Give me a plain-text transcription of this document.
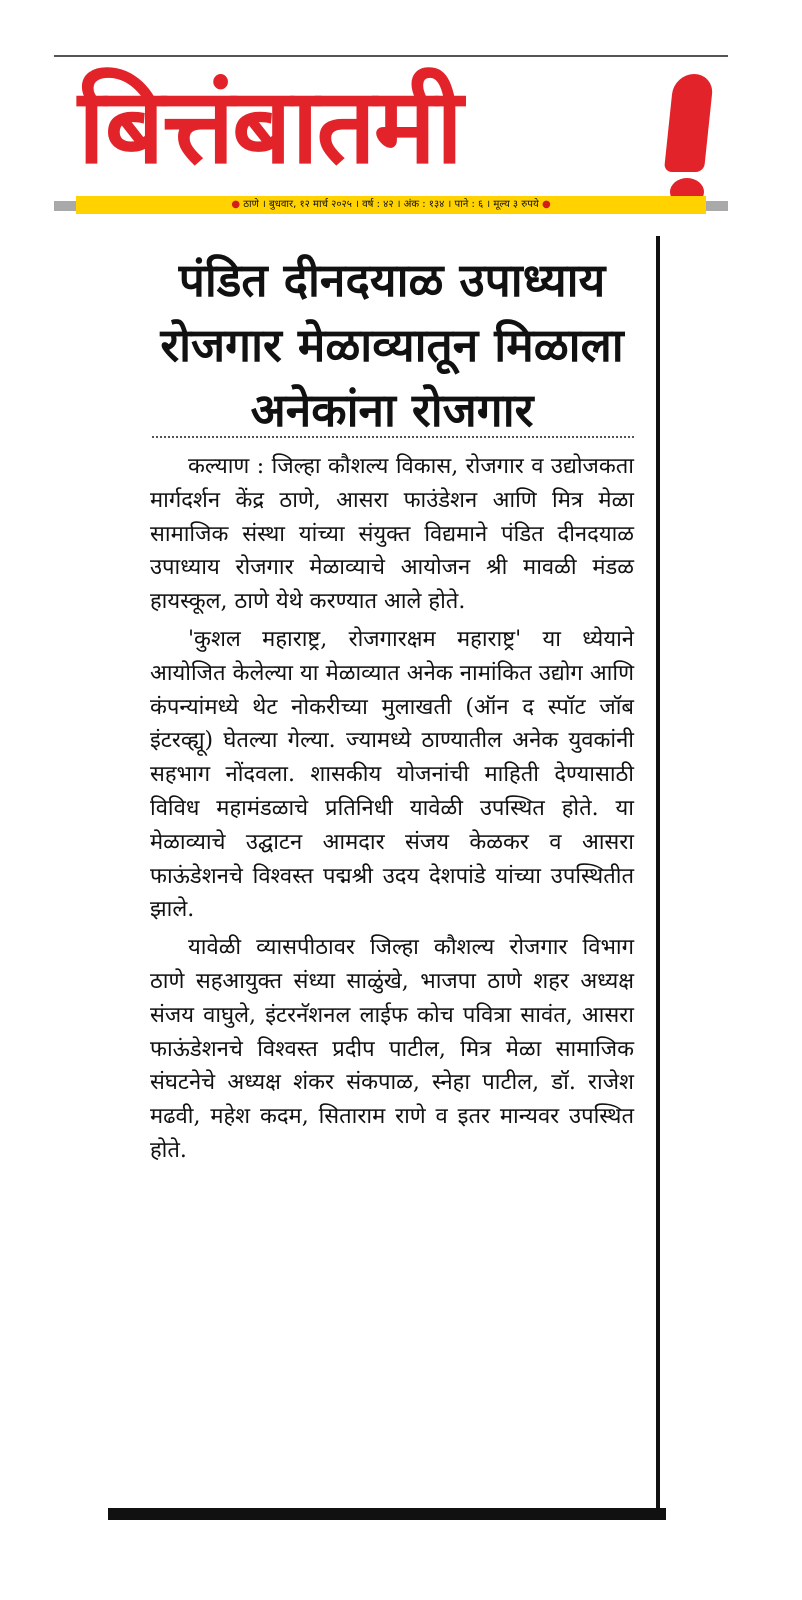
बित्तंबातमी
● ठाणे । बुधवार, १२ मार्च २०२५ । वर्ष : ४२ । अंक : १३४ । पाने : ६ । मूल्य ३ रुपये ●
पंडित दीनदयाळ उपाध्याय रोजगार मेळाव्यातून मिळाला अनेकांना रोजगार

कल्याण : जिल्हा कौशल्य विकास, रोजगार व उद्योजकता मार्गदर्शन केंद्र ठाणे, आसरा फाउंडेशन आणि मित्र मेळा सामाजिक संस्था यांच्या संयुक्त विद्यमाने पंडित दीनदयाळ उपाध्याय रोजगार मेळाव्याचे आयोजन श्री मावळी मंडळ हायस्कूल, ठाणे येथे करण्यात आले होते.

'कुशल महाराष्ट्र, रोजगारक्षम महाराष्ट्र' या ध्येयाने आयोजित केलेल्या या मेळाव्यात अनेक नामांकित उद्योग आणि कंपन्यांमध्ये थेट नोकरीच्या मुलाखती (ऑन द स्पॉट जॉब इंटरव्ह्यू) घेतल्या गेल्या. ज्यामध्ये ठाण्यातील अनेक युवकांनी सहभाग नोंदवला. शासकीय योजनांची माहिती देण्यासाठी विविध महामंडळाचे प्रतिनिधी यावेळी उपस्थित होते. या मेळाव्याचे उद्घाटन आमदार संजय केळकर व आसरा फाऊंडेशनचे विश्वस्त पद्मश्री उदय देशपांडे यांच्या उपस्थितीत झाले.

यावेळी व्यासपीठावर जिल्हा कौशल्य रोजगार विभाग ठाणे सहआयुक्त संध्या साळुंखे, भाजपा ठाणे शहर अध्यक्ष संजय वाघुले, इंटरनॅशनल लाईफ कोच पवित्रा सावंत, आसरा फाऊंडेशनचे विश्वस्त प्रदीप पाटील, मित्र मेळा सामाजिक संघटनेचे अध्यक्ष शंकर संकपाळ, स्नेहा पाटील, डॉ. राजेश मढवी, महेश कदम, सिताराम राणे व इतर मान्यवर उपस्थित होते.
